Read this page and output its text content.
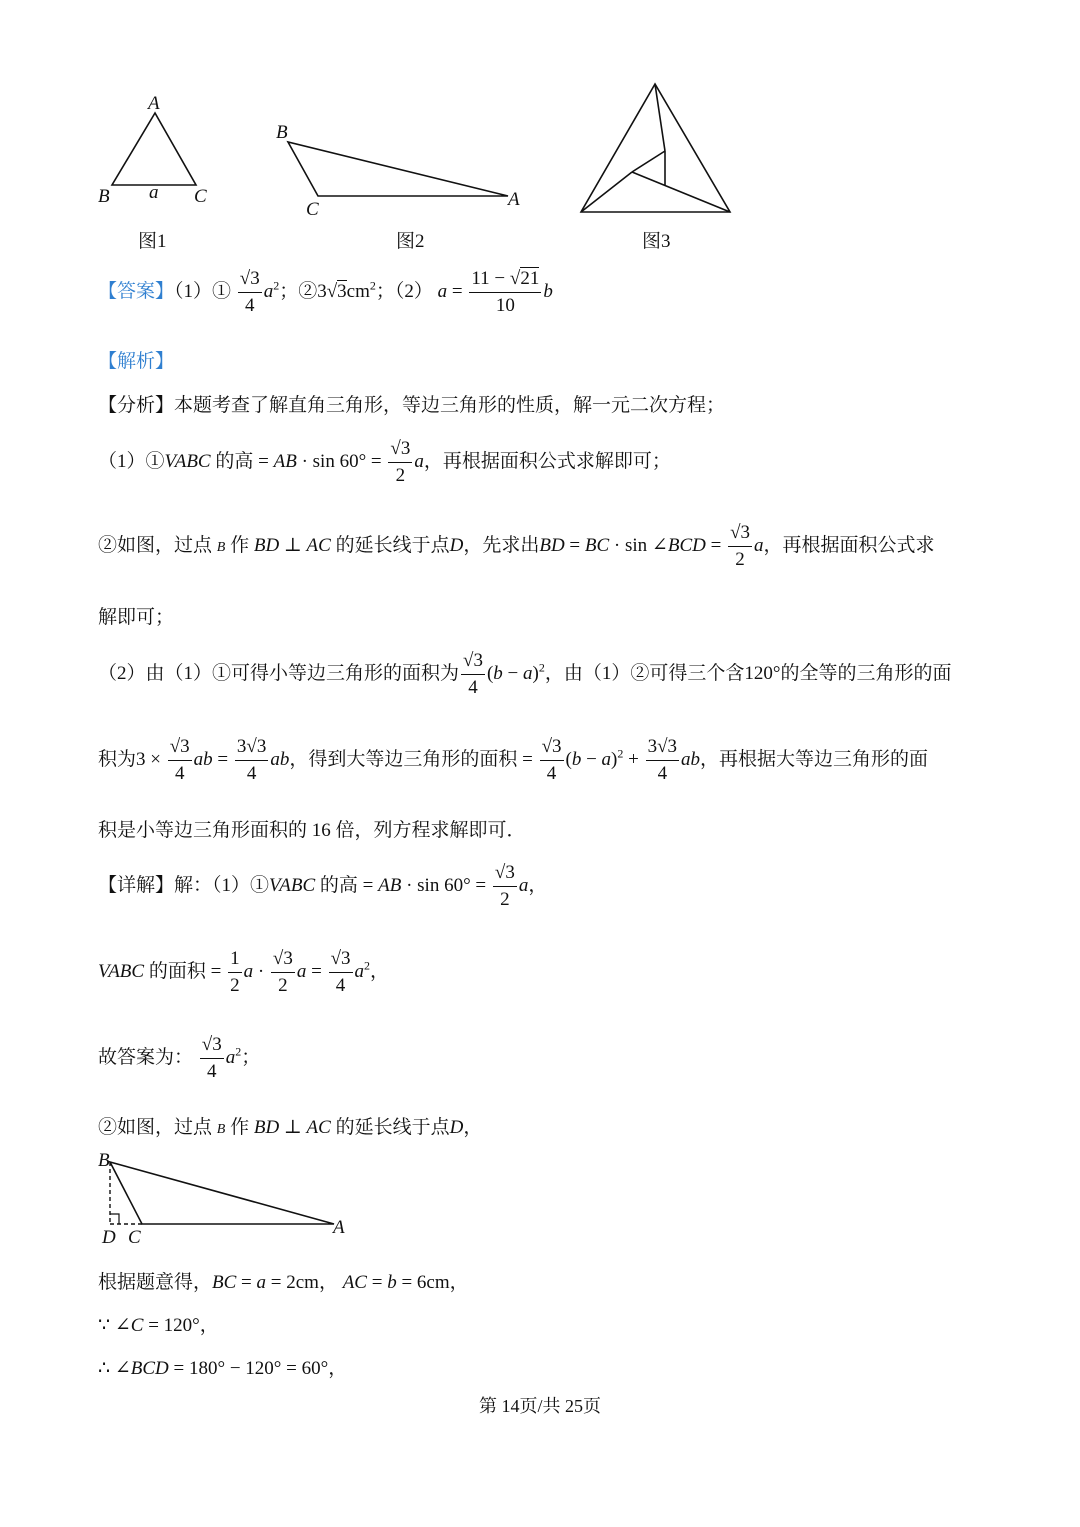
A
B	C
a
图1
B
C	A
图2	图3
【答案】（1）① $\frac{√3}{4} a^2$；$②3√3cm^2$；（2） $a = \frac{11 - √21}{10}$ b
【解析】
【分析】本题考查了解直角三角形，等边三角形的性质，解一元二次方程；
（1）①VABC 的高 = AB · $\sin 60^\circ = \frac{√3}{2}$ a，再根据面积公式求解即可；
②如图，过点 B 作 BD ⊥ AC 的延长线于点D，先求出BD = BC · sin ∠BCD = $\frac{√3}{2}$ a，再根据面积公式求
解即可；
（2）由（1）①可得小等边三角形的面积为 $\frac{√3}{4} (b - a)^2$，由（1）②可得三个含120°的全等的三角形的面
积为$3 \times \frac{√3}{4}$ ab = $\frac{3√3}{4}$ ab，得到大等边三角形的面积 = $\frac{√3}{4} (b - a)^2 + \frac{3√3}{4}$ ab，再根据大等边三角形的面
积是小等边三角形面积的 16 倍，列方程求解即可．
【详解】解：（1）①VABC 的高 = AB · $\sin 60^\circ = \frac{√3}{2}$ a，
VABC 的面积 = $\frac{1}{2}$ $a \cdot \frac{√3}{2}$ $a = \frac{√3}{4} a^2$，
故答案为： $\frac{√3}{4} a^2$；
②如图，过点 B 作 BD ⊥ AC 的延长线于点D，
B
D C	A
根据题意得，BC = a = 2cm， AC = b = 6cm，
∵ ∠C = 120°，
∴ ∠BCD = 180° − 120° = 60°，
第 14页/共 25页
